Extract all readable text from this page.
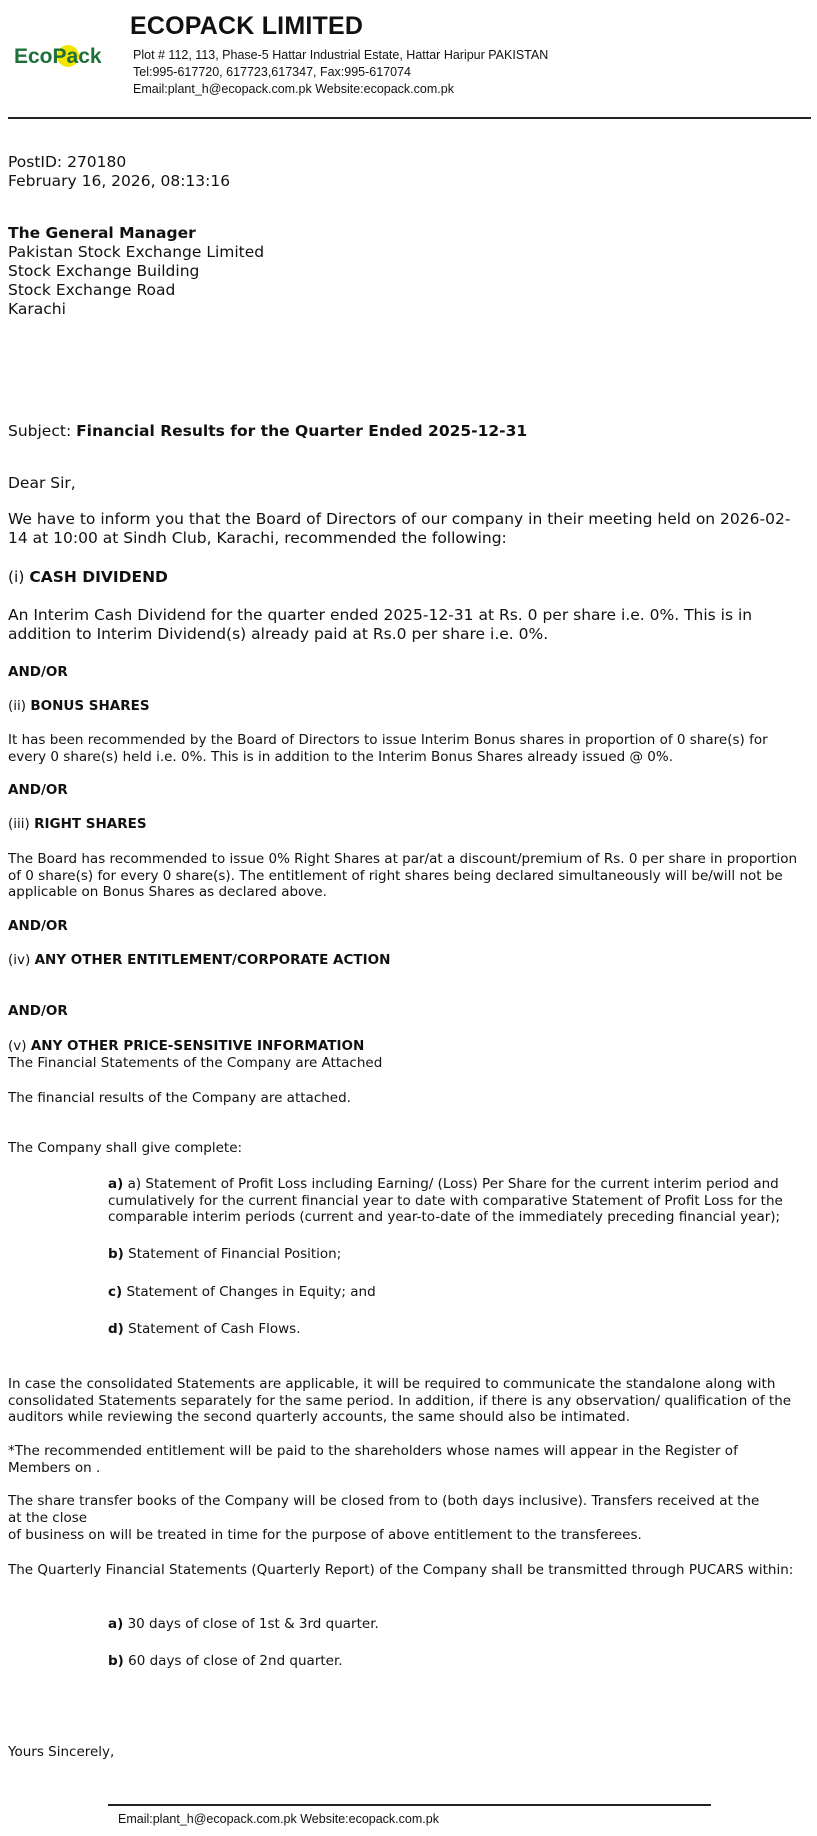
EcoPack
ECOPACK LIMITED
Plot # 112, 113, Phase-5 Hattar Industrial Estate, Hattar Haripur PAKISTAN
Tel:995-617720, 617723,617347, Fax:995-617074
Email:plant_h@ecopack.com.pk Website:ecopack.com.pk
PostID: 270180
February 16, 2026, 08:13:16
The General Manager
Pakistan Stock Exchange Limited
Stock Exchange Building
Stock Exchange Road
Karachi
Subject: Financial Results for the Quarter Ended 2025-12-31
Dear Sir,
We have to inform you that the Board of Directors of our company in their meeting held on 2026-02-14 at 10:00 at Sindh Club, Karachi, recommended the following:
(i) CASH DIVIDEND
An Interim Cash Dividend for the quarter ended 2025-12-31 at Rs. 0 per share i.e. 0%. This is in addition to Interim Dividend(s) already paid at Rs.0 per share i.e. 0%.
AND/OR
(ii) BONUS SHARES
It has been recommended by the Board of Directors to issue Interim Bonus shares in proportion of 0 share(s) for every 0 share(s) held i.e. 0%. This is in addition to the Interim Bonus Shares already issued @ 0%.
AND/OR
(iii) RIGHT SHARES
The Board has recommended to issue 0% Right Shares at par/at a discount/premium of Rs. 0 per share in proportion of 0 share(s) for every 0 share(s). The entitlement of right shares being declared simultaneously will be/will not be applicable on Bonus Shares as declared above.
AND/OR
(iv) ANY OTHER ENTITLEMENT/CORPORATE ACTION
AND/OR
(v) ANY OTHER PRICE-SENSITIVE INFORMATION
The Financial Statements of the Company are Attached
The financial results of the Company are attached.
The Company shall give complete:
a) a) Statement of Profit Loss including Earning/ (Loss) Per Share for the current interim period and cumulatively for the current financial year to date with comparative Statement of Profit Loss for the comparable interim periods (current and year-to-date of the immediately preceding financial year);
b) Statement of Financial Position;
c) Statement of Changes in Equity; and
d) Statement of Cash Flows.
In case the consolidated Statements are applicable, it will be required to communicate the standalone along with consolidated Statements separately for the same period. In addition, if there is any observation/ qualification of the auditors while reviewing the second quarterly accounts, the same should also be intimated.
*The recommended entitlement will be paid to the shareholders whose names will appear in the Register of Members on .
The share transfer books of the Company will be closed from to (both days inclusive). Transfers received at the
at the close
of business on will be treated in time for the purpose of above entitlement to the transferees.
The Quarterly Financial Statements (Quarterly Report) of the Company shall be transmitted through PUCARS within:
a) 30 days of close of 1st & 3rd quarter.
b) 60 days of close of 2nd quarter.
Yours Sincerely,
Email:plant_h@ecopack.com.pk Website:ecopack.com.pk
